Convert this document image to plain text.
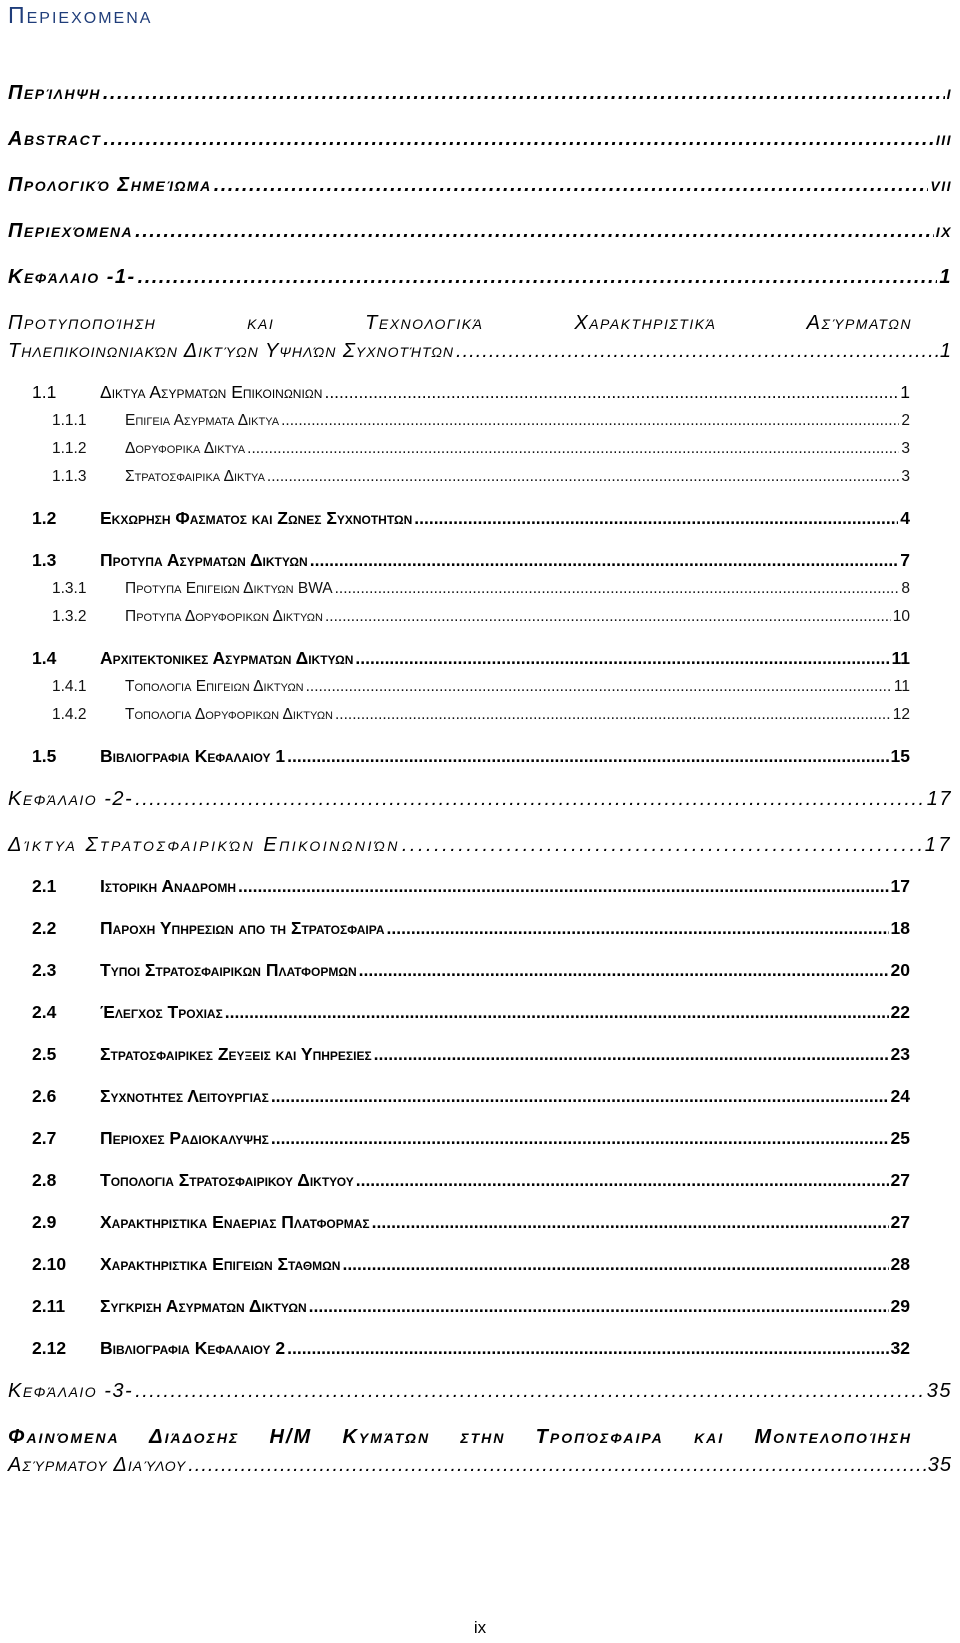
Περιεχομενα
Περίληψη .....	i
Abstract .....	iii
Προλογικό Σημείωμα .....	vii
Περιεχόμενα .....	ix
Κεφάλαιο -1- .....	1
Προτυποποίηση και Τεχνολογικά Χαρακτηριστικά Ασύρματων
Τηλεπικοινωνιακών Δικτύων Υψηλών Συχνοτήτων .....	1
1.1	Δικτυα Ασυρματων Επικοινωνιων .....	1
1.1.1	Επιγεια Ασυρματα Δικτυα .....	2
1.1.2	Δορυφορικα Δικτυα .....	3
1.1.3	Στρατοσφαιρικα Δικτυα .....	3
1.2	Εκχωρηση Φασματος και Ζωνες Συχνοτητων .....	4
1.3	Προτυπα Ασυρματων Δικτυων .....	7
1.3.1	Προτυπα Επιγειων Δικτυων BWA .....	8
1.3.2	Προτυπα Δορυφορικων Δικτυων .....	10
1.4	Αρχιτεκτονικες Ασυρματων Δικτυων .....	11
1.4.1	Τοπολογια Επιγειων Δικτυων .....	11
1.4.2	Τοπολογια Δορυφορικων Δικτυων .....	12
1.5	Βιβλιογραφια Κεφαλαιου 1 .....	15
Κεφάλαιο -2- .....	17
Δίκτυα Στρατοσφαιρικών Επικοινωνιών .....	17
2.1	Ιστορικη Αναδρομη .....	17
2.2	Παροχη Υπηρεσιων απο τη Στρατοσφαιρα .....	18
2.3	Τυποι Στρατοσφαιρικων Πλατφορμων .....	20
2.4	Έλεγχος Τροχιας .....	22
2.5	Στρατοσφαιρικες Ζευξεις και Υπηρεσιες .....	23
2.6	Συχνοτητες Λειτουργιας .....	24
2.7	Περιοχες Ραδιοκαλυψης .....	25
2.8	Τοπολογια Στρατοσφαιρικου Δικτυου .....	27
2.9	Χαρακτηριστικα Εναεριας Πλατφορμας .....	27
2.10	Χαρακτηριστικα Επιγειων Σταθμων .....	28
2.11	Συγκριση Ασυρματων Δικτυων .....	29
2.12	Βιβλιογραφια Κεφαλαιου 2 .....	32
Κεφάλαιο -3- .....	35
Φαινόμενα Διάδοσης Η/Μ Κυμάτων στην Τροπόσφαιρα και Μοντελοποίηση
Ασύρματου Διαύλου .....	35
ix
